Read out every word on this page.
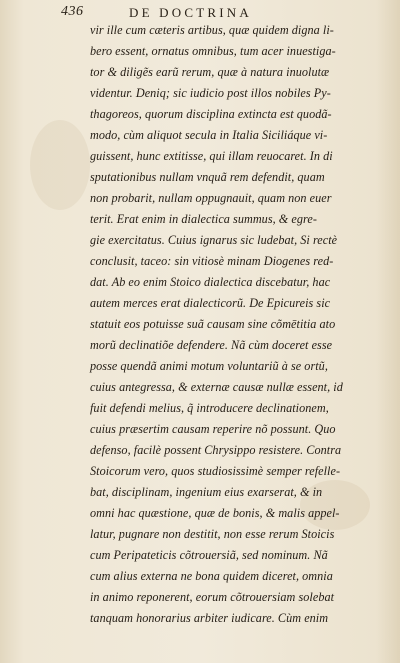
436	DE DOCTRINA
vir ille cum cæteris artibus, quæ quidem digna li-
bero essent, ornatus omnibus, tum acer inuestiga-
tor & diligẽs earũ rerum, quæ à natura inuolutæ
videntur. Deniq; sic iudicio post illos nobiles Py-
thagoreos, quorum disciplina extincta est quodã-
modo, cùm aliquot secula in Italia Siciliáque vi-
guissent, hunc extitisse, qui illam reuocaret. In di
sputationibus nullam vnquã rem defendit, quam
non probarit, nullam oppugnauit, quam non euer
terit. Erat enim in dialectica summus, & egre-
gie exercitatus. Cuius ignarus sic ludebat, Si rectè
conclusit, taceo: sin vitiosè minam Diogenes red-
dat. Ab eo enim Stoico dialectica discebatur, hac
autem merces erat dialecticorũ. De Epicureis sic
statuit eos potuisse suã causam sine cõmētitia ato
morũ declinatiõe defendere. Nã cùm doceret esse
posse quendã animi motum voluntariũ à se ortũ,
cuius antegressa, & externæ causæ nullæ essent, id
fuit defendi melius, q̃ introducere declinationem,
cuius præsertim causam reperire nõ possunt. Quo
defenso, facilè possent Chrysippo resistere. Contra
Stoicorum vero, quos studiosissimè semper refelle-
bat, disciplinam, ingenium eius exarserat, & in
omni hac quæstione, quæ de bonis, & malis appel-
latur, pugnare non destitit, non esse rerum Stoicis
cum Peripateticis cõtrouersiã, sed nominum. Nã
cum alius externa ne bona quidem diceret, omnia
in animo reponerent, eorum cõtrouersiam solebat
tanquam honorarius arbiter iudicare. Cùm enim
